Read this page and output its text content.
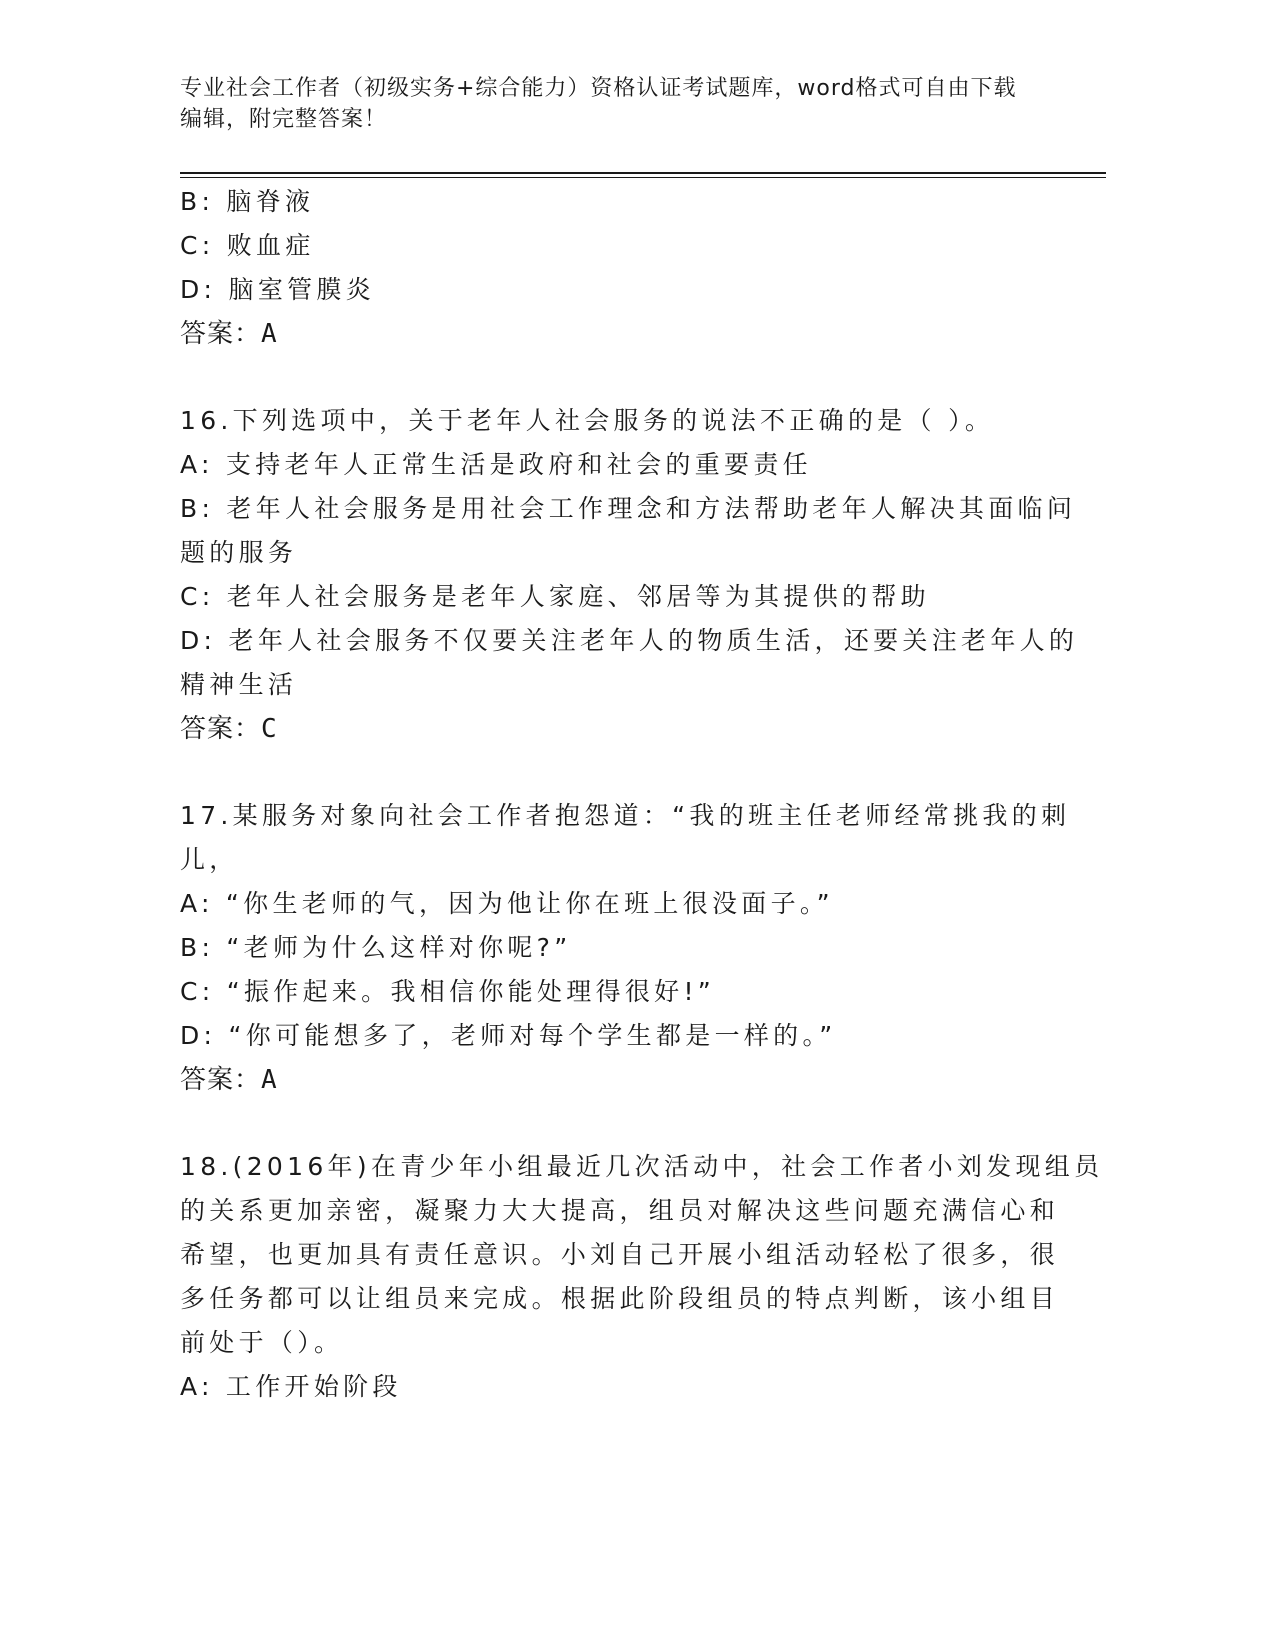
专业社会工作者（初级实务+综合能力）资格认证考试题库，word格式可自由下载
编辑，附完整答案！
B: 脑脊液
C: 败血症
D: 脑室管膜炎
答案：A
16.下列选项中，关于老年人社会服务的说法不正确的是（ ）。
A: 支持老年人正常生活是政府和社会的重要责任
B: 老年人社会服务是用社会工作理念和方法帮助老年人解决其面临问
题的服务
C: 老年人社会服务是老年人家庭、邻居等为其提供的帮助
D: 老年人社会服务不仅要关注老年人的物质生活，还要关注老年人的
精神生活
答案：C
17.某服务对象向社会工作者抱怨道：“我的班主任老师经常挑我的刺
儿，
A: “你生老师的气，因为他让你在班上很没面子。”
B: “老师为什么这样对你呢?”
C: “振作起来。我相信你能处理得很好!”
D: “你可能想多了，老师对每个学生都是一样的。”
答案：A
18.(2016年)在青少年小组最近几次活动中，社会工作者小刘发现组员
的关系更加亲密，凝聚力大大提高，组员对解决这些问题充满信心和
希望，也更加具有责任意识。小刘自己开展小组活动轻松了很多，很
多任务都可以让组员来完成。根据此阶段组员的特点判断，该小组目
前处于（）。
A: 工作开始阶段
